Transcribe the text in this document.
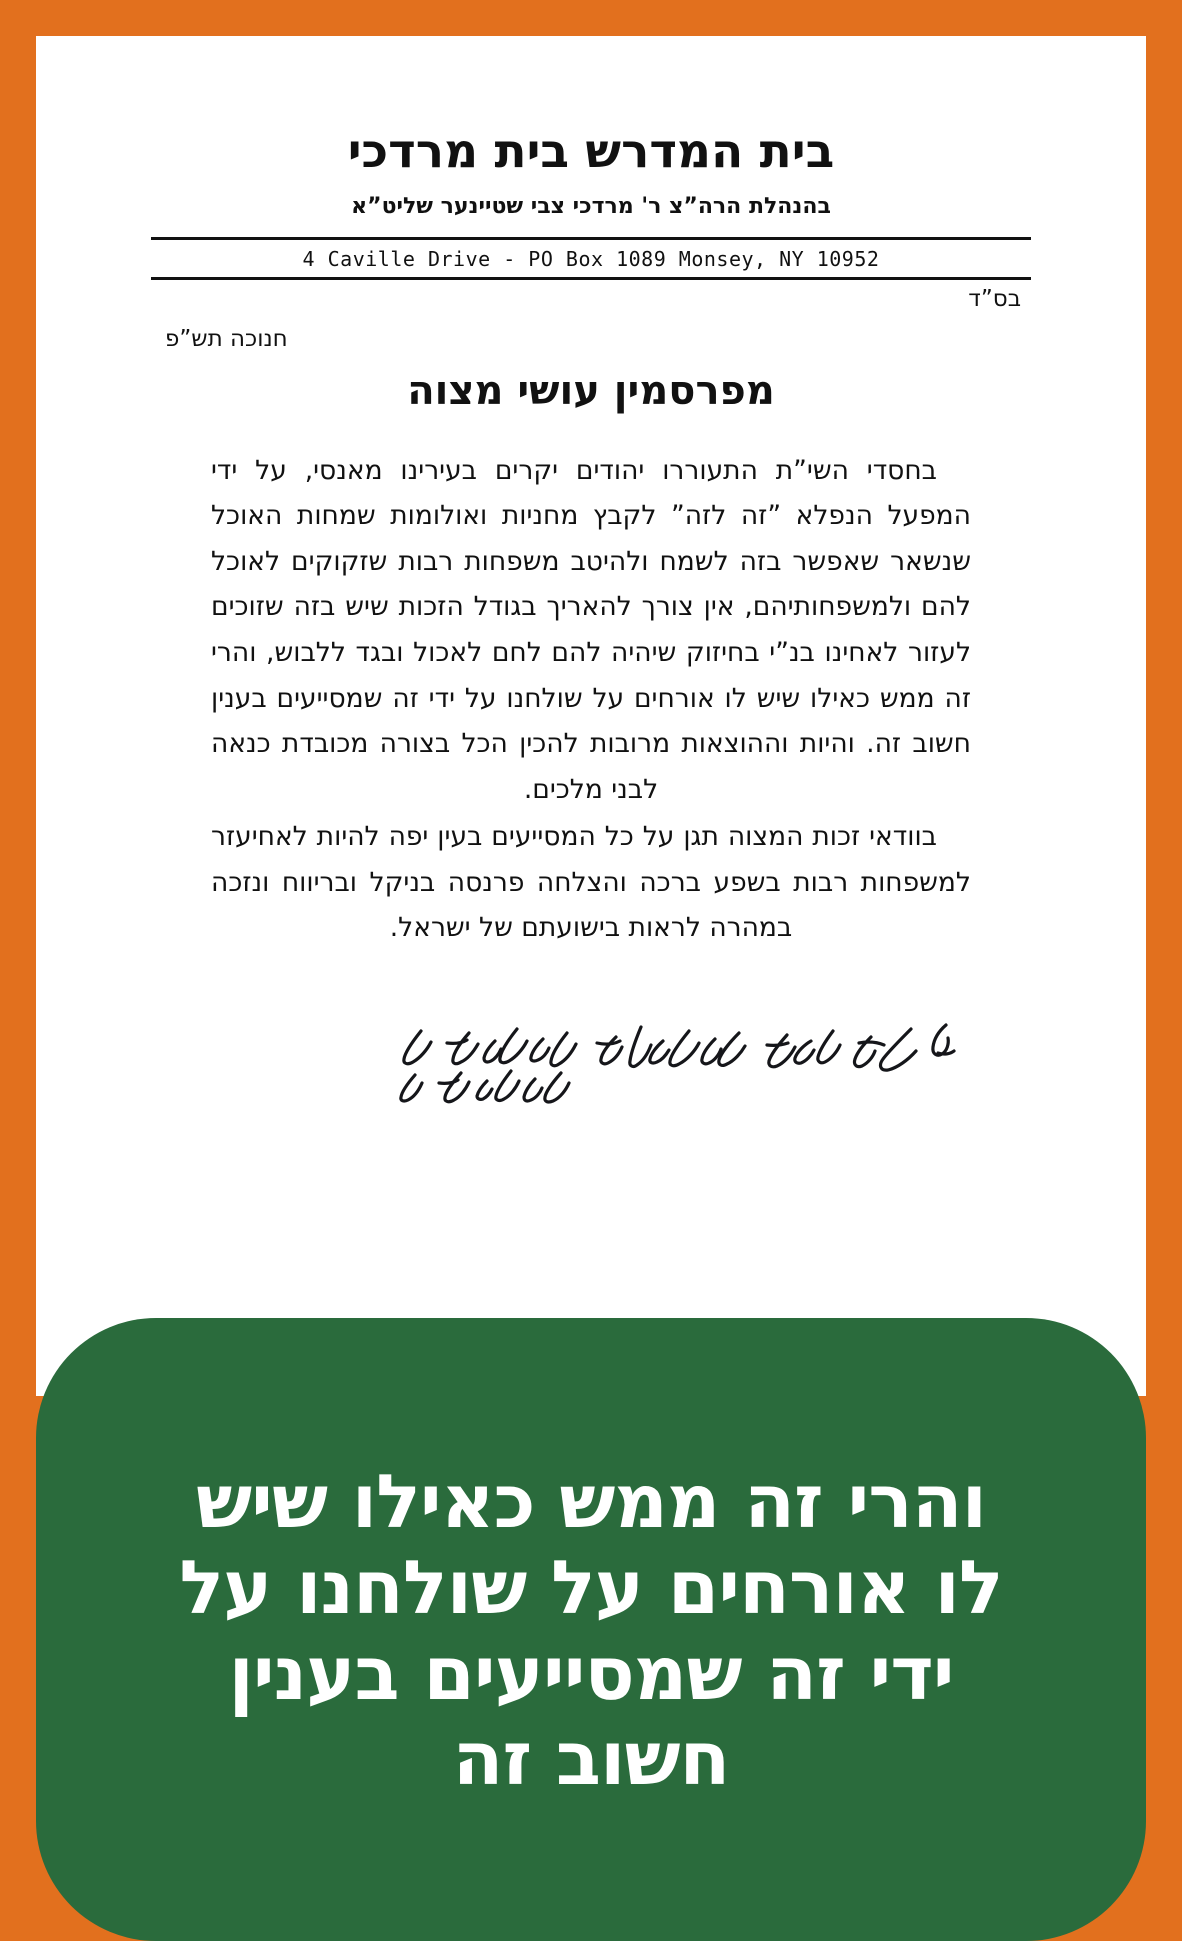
בית המדרש בית מרדכי
בהנהלת הרה”צ ר' מרדכי צבי שטיינער שליט”א
4 Caville Drive - PO Box 1089 Monsey, NY 10952
בס”ד
חנוכה תש”פ
מפרסמין עושי מצוה

בחסדי השי”ת התעוררו יהודים יקרים בעירינו מאנסי, על ידי המפעל הנפלא ”זה לזה” לקבץ מחניות ואולומות שמחות האוכל שנשאר שאפשר בזה לשמח ולהיטב משפחות רבות שזקוקים לאוכל להם ולמשפחותיהם, אין צורך להאריך בגודל הזכות שיש בזה שזוכים לעזור לאחינו בנ”י בחיזוק שיהיה להם לחם לאכול ובגד ללבוש, והרי זה ממש כאילו שיש לו אורחים על שולחנו על ידי זה שמסייעים בענין חשוב זה. והיות וההוצאות מרובות להכין הכל בצורה מכובדת כנאה לבני מלכים.

בוודאי זכות המצוה תגן על כל המסייעים בעין יפה להיות לאחיעזר למשפחות רבות בשפע ברכה והצלחה פרנסה בניקל ובריווח ונזכה במהרה לראות בישועתם של ישראל.

והרי זה ממש כאילו שיש
לו אורחים על שולחנו על
ידי זה שמסייעים בענין
חשוב זה
